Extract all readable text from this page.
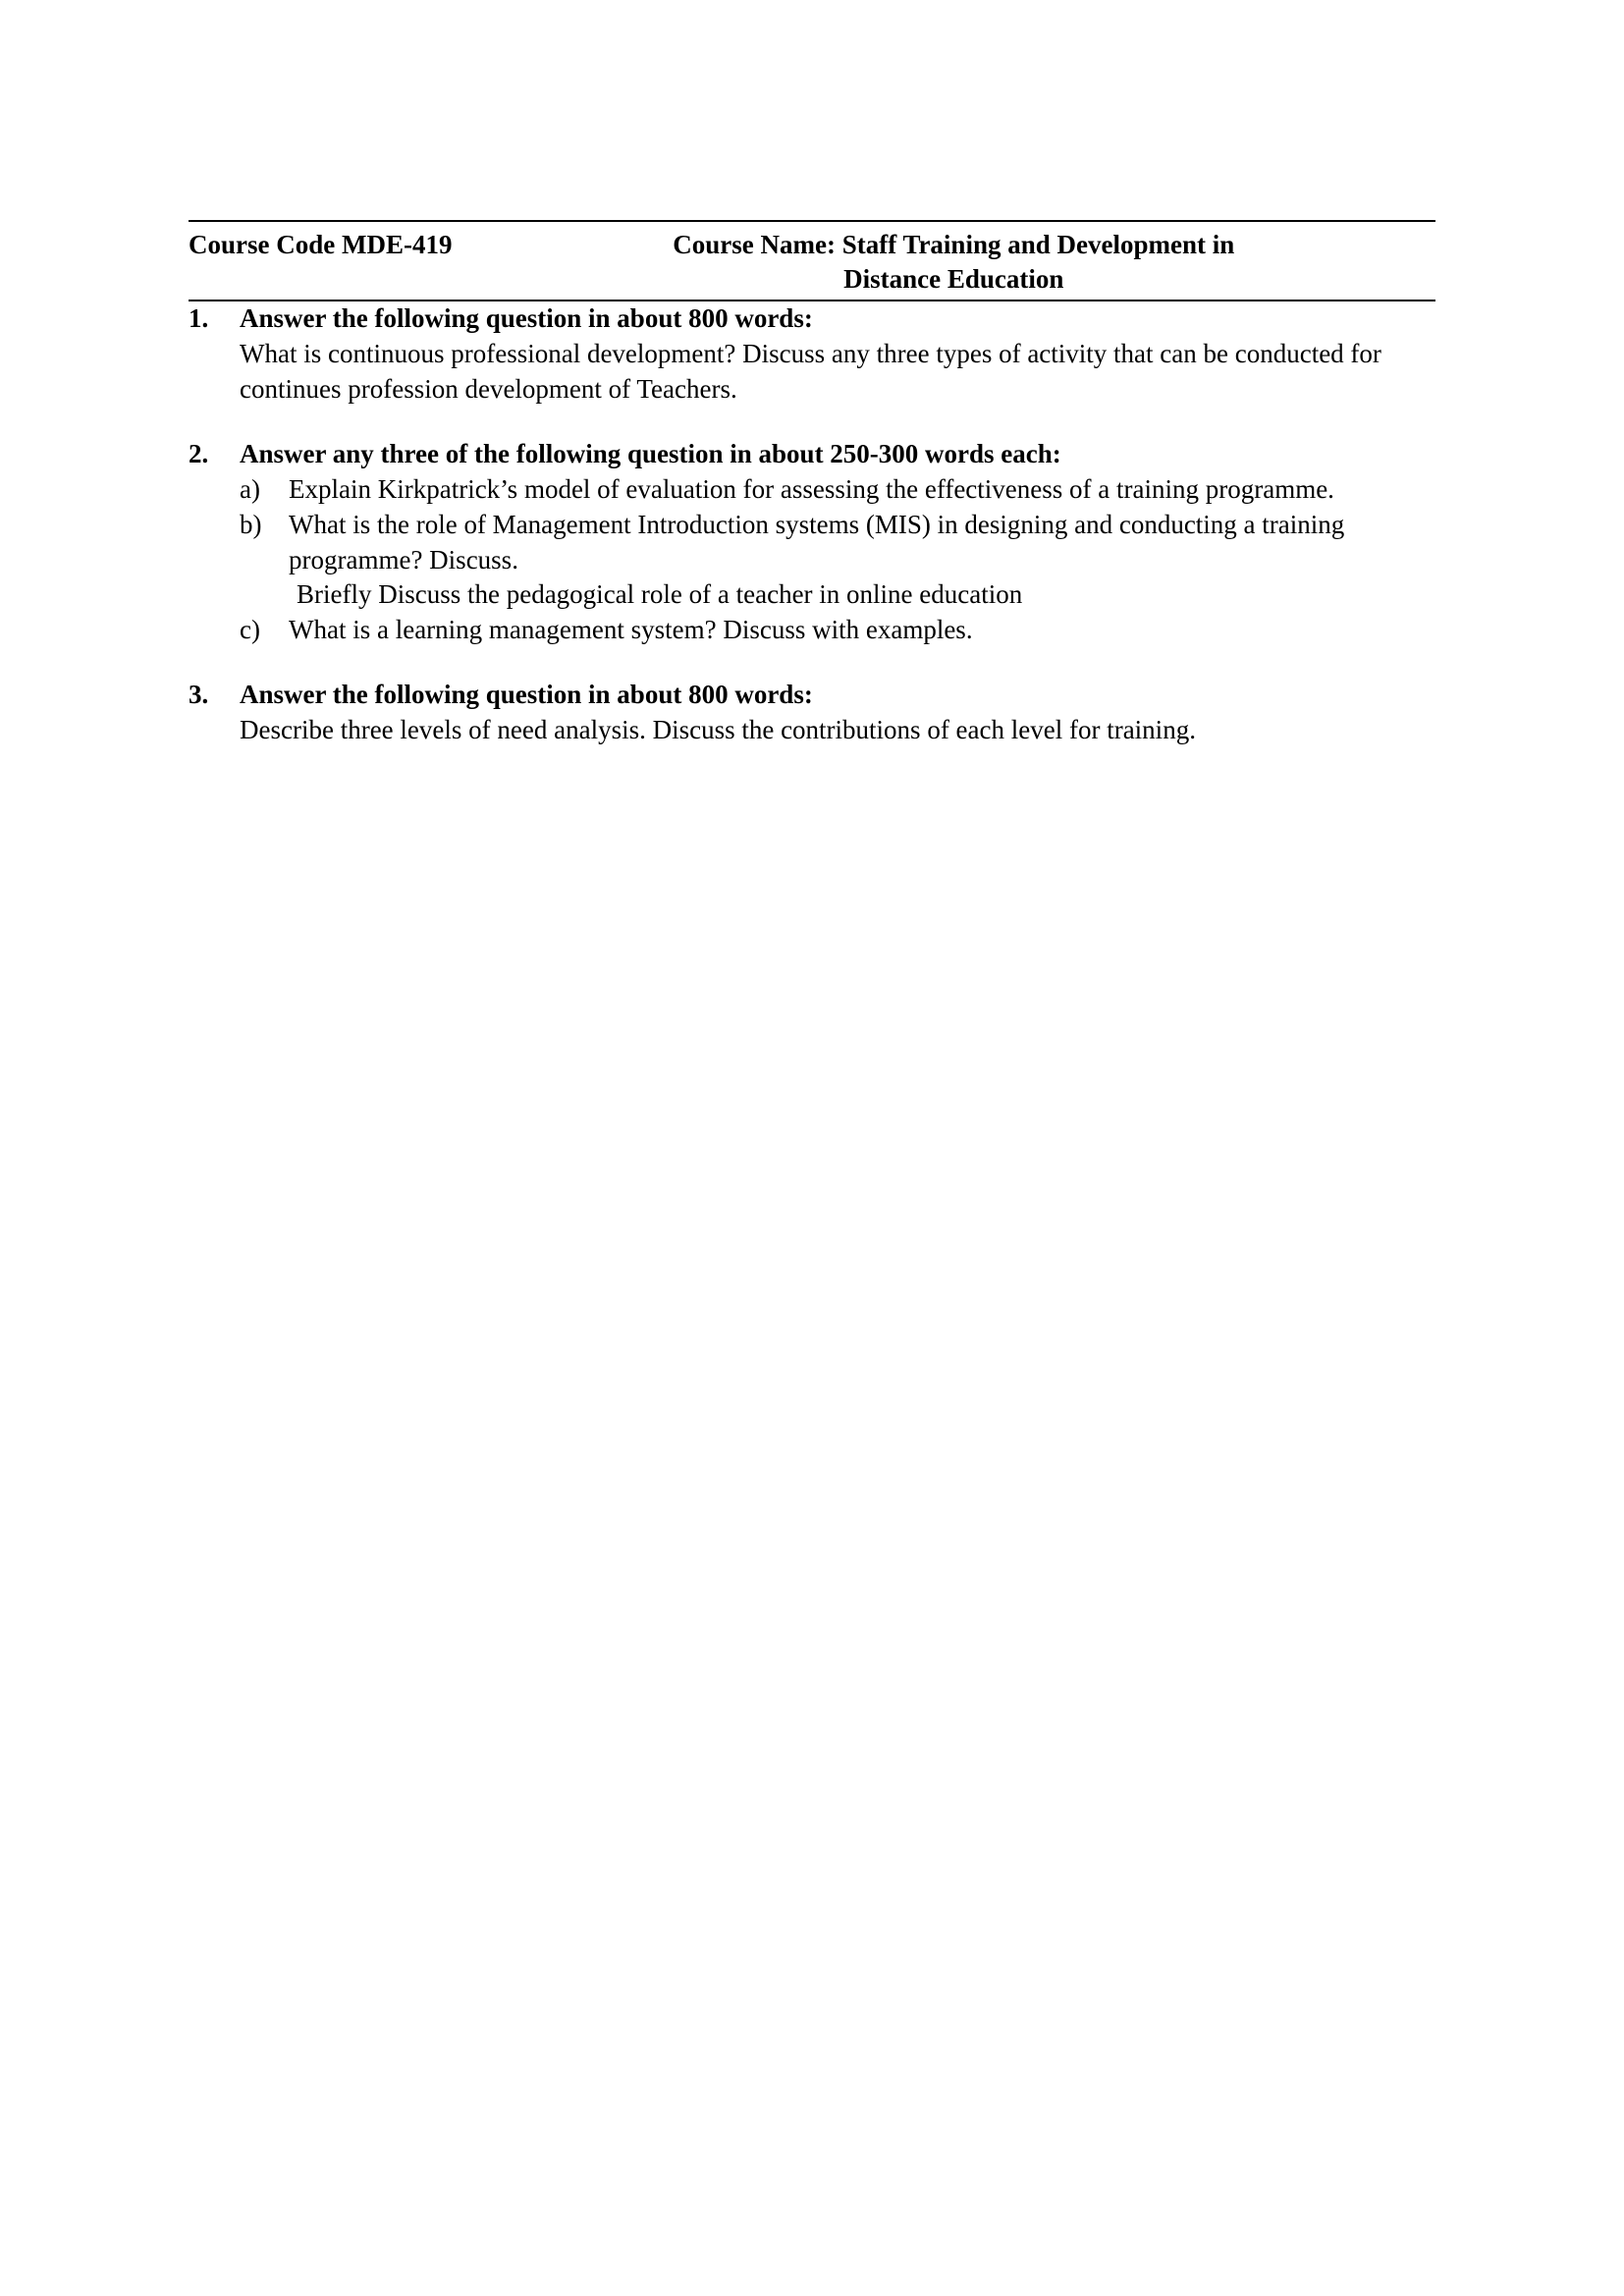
Course Code MDE-419	Course Name: Staff Training and Development in
Distance Education
1.	Answer the following question in about 800 words:

What is continuous professional development? Discuss any three types of activity that can be conducted for continues profession development of Teachers.

2.	Answer any three of the following question in about 250-300 words each:

a)	Explain Kirkpatrick’s model of evaluation for assessing the effectiveness of a training programme.

b)	What is the role of Management Introduction systems (MIS) in designing and conducting a training programme? Discuss.

Briefly Discuss the pedagogical role of a teacher in online education
c)	What is a learning management system? Discuss with examples.

3.	Answer the following question in about 800 words:

Describe three levels of need analysis. Discuss the contributions of each level for training.
